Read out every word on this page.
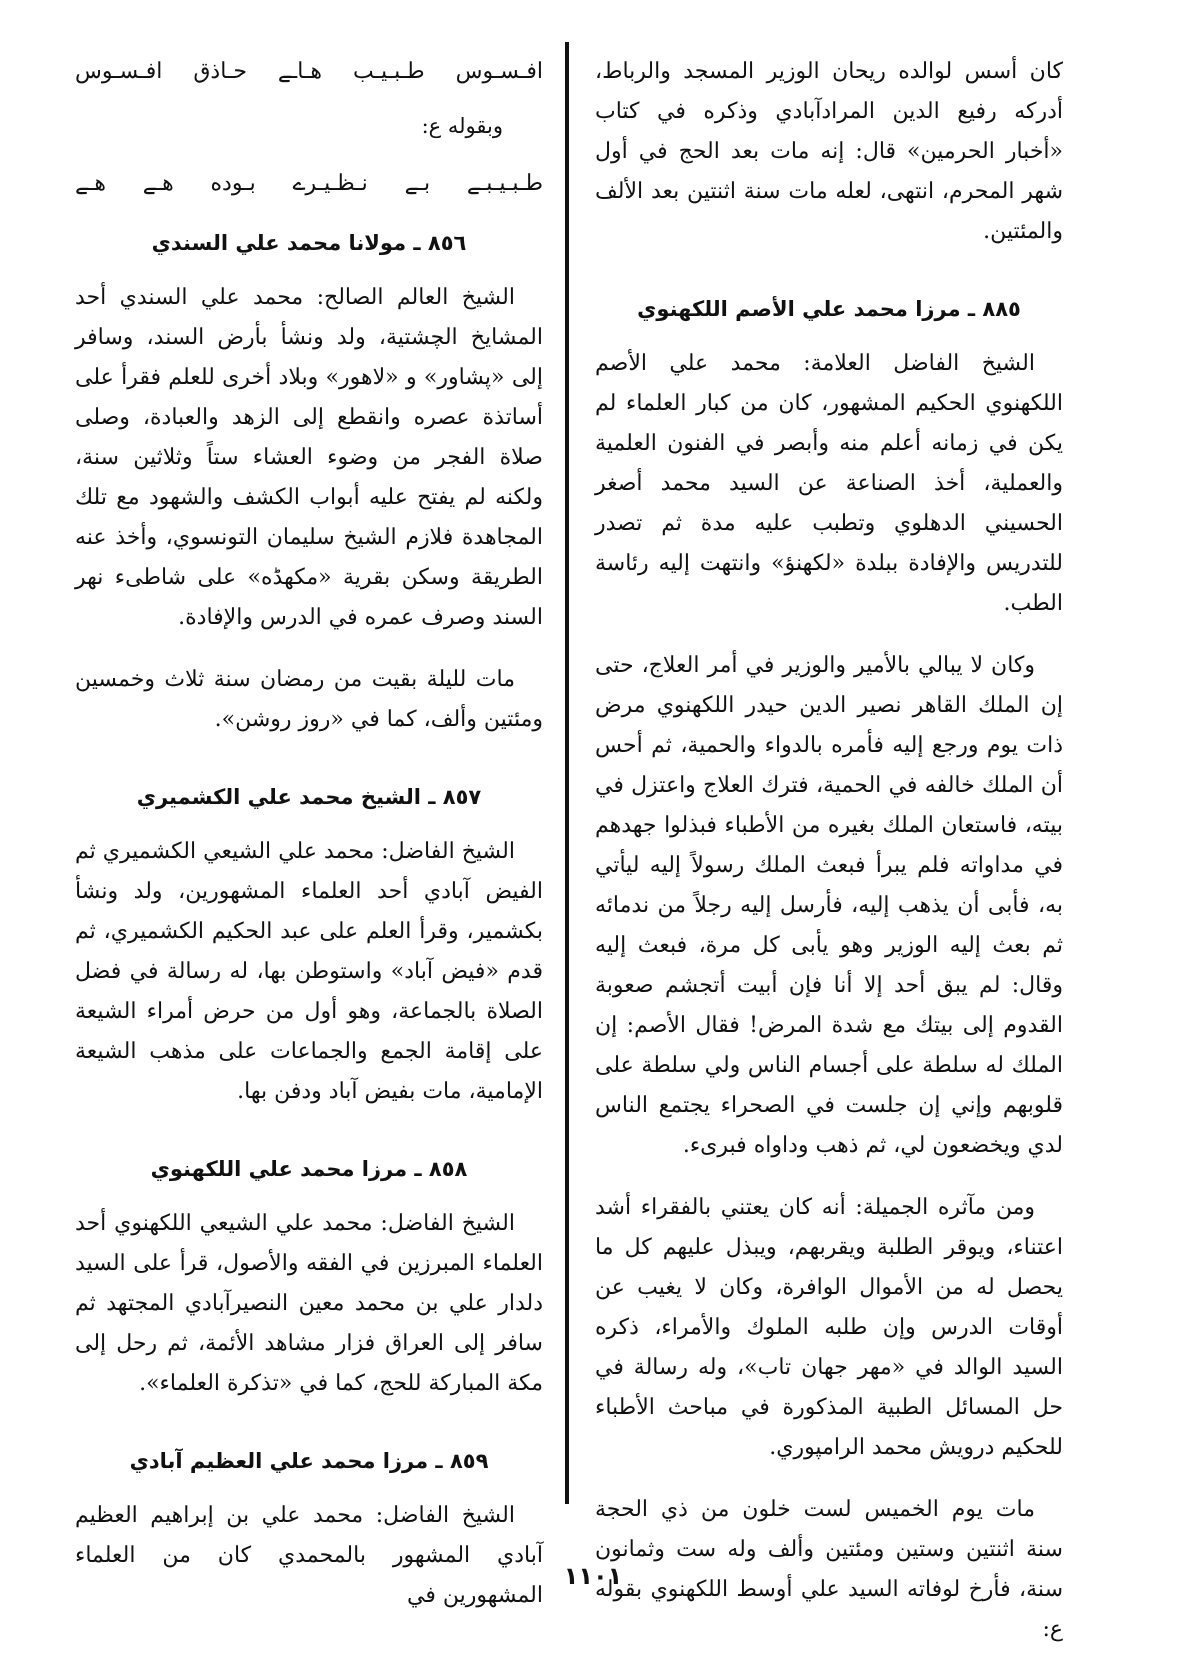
كان أسس لوالده ريحان الوزير المسجد والرباط، أدركه رفيع الدين المرادآبادي وذكره في كتاب «أخبار الحرمين» قال: إنه مات بعد الحج في أول شهر المحرم، انتهى، لعله مات سنة اثنتين بعد الألف والمئتين.

٨٨٥ ـ مرزا محمد علي الأصم اللكهنوي

الشيخ الفاضل العلامة: محمد علي الأصم اللكهنوي الحكيم المشهور، كان من كبار العلماء لم يكن في زمانه أعلم منه وأبصر في الفنون العلمية والعملية، أخذ الصناعة عن السيد محمد أصغر الحسيني الدهلوي وتطبب عليه مدة ثم تصدر للتدريس والإفادة ببلدة «لكهنؤ» وانتهت إليه رئاسة الطب.

وكان لا يبالي بالأمير والوزير في أمر العلاج، حتى إن الملك القاهر نصير الدين حيدر اللكهنوي مرض ذات يوم ورجع إليه فأمره بالدواء والحمية، ثم أحس أن الملك خالفه في الحمية، فترك العلاج واعتزل في بيته، فاستعان الملك بغيره من الأطباء فبذلوا جهدهم في مداواته فلم يبرأ فبعث الملك رسولاً إليه ليأتي به، فأبى أن يذهب إليه، فأرسل إليه رجلاً من ندمائه ثم بعث إليه الوزير وهو يأبى كل مرة، فبعث إليه وقال: لم يبق أحد إلا أنا فإن أبيت أتجشم صعوبة القدوم إلى بيتك مع شدة المرض! فقال الأصم: إن الملك له سلطة على أجسام الناس ولي سلطة على قلوبهم وإني إن جلست في الصحراء يجتمع الناس لدي ويخضعون لي، ثم ذهب وداواه فبرىء.

ومن مآثره الجميلة: أنه كان يعتني بالفقراء أشد اعتناء، ويوقر الطلبة ويقربهم، ويبذل عليهم كل ما يحصل له من الأموال الوافرة، وكان لا يغيب عن أوقات الدرس وإن طلبه الملوك والأمراء، ذكره السيد الوالد في «مهر جهان تاب»، وله رسالة في حل المسائل الطبية المذكورة في مباحث الأطباء للحكيم درويش محمد الرامپوري.

مات يوم الخميس لست خلون من ذي الحجة سنة اثنتين وستين ومئتين وألف وله ست وثمانون سنة، فأرخ لوفاته السيد علي أوسط اللكهنوي بقوله ع:

افـسـوس طـبـيـب هـاـے حـاذق افـسـوس
وبقوله ع:
طـبـيـبـے بـے نـظـيـرے بـوده هـے هـے
٨٥٦ ـ مولانا محمد علي السندي

الشيخ العالم الصالح: محمد علي السندي أحد المشايخ الچشتية، ولد ونشأ بأرض السند، وسافر إلى «پشاور» و «لاهور» وبلاد أخرى للعلم فقرأ على أساتذة عصره وانقطع إلى الزهد والعبادة، وصلى صلاة الفجر من وضوء العشاء ستاً وثلاثين سنة، ولكنه لم يفتح عليه أبواب الكشف والشهود مع تلك المجاهدة فلازم الشيخ سليمان التونسوي، وأخذ عنه الطريقة وسكن بقرية «مكهڈه» على شاطىء نهر السند وصرف عمره في الدرس والإفادة.

مات لليلة بقيت من رمضان سنة ثلاث وخمسين ومئتين وألف، كما في «روز روشن».

٨٥٧ ـ الشيخ محمد علي الكشميري

الشيخ الفاضل: محمد علي الشيعي الكشميري ثم الفيض آبادي أحد العلماء المشهورين، ولد ونشأ بكشمير، وقرأ العلم على عبد الحكيم الكشميري، ثم قدم «فيض آباد» واستوطن بها، له رسالة في فضل الصلاة بالجماعة، وهو أول من حرض أمراء الشيعة على إقامة الجمع والجماعات على مذهب الشيعة الإمامية، مات بفيض آباد ودفن بها.

٨٥٨ ـ مرزا محمد علي اللكهنوي

الشيخ الفاضل: محمد علي الشيعي اللكهنوي أحد العلماء المبرزين في الفقه والأصول، قرأ على السيد دلدار علي بن محمد معين النصيرآبادي المجتهد ثم سافر إلى العراق فزار مشاهد الأئمة، ثم رحل إلى مكة المباركة للحج، كما في «تذكرة العلماء».

٨٥٩ ـ مرزا محمد علي العظيم آبادي

الشيخ الفاضل: محمد علي بن إبراهيم العظيم آبادي المشهور بالمحمدي كان من العلماء المشهورين في

١١٠١
